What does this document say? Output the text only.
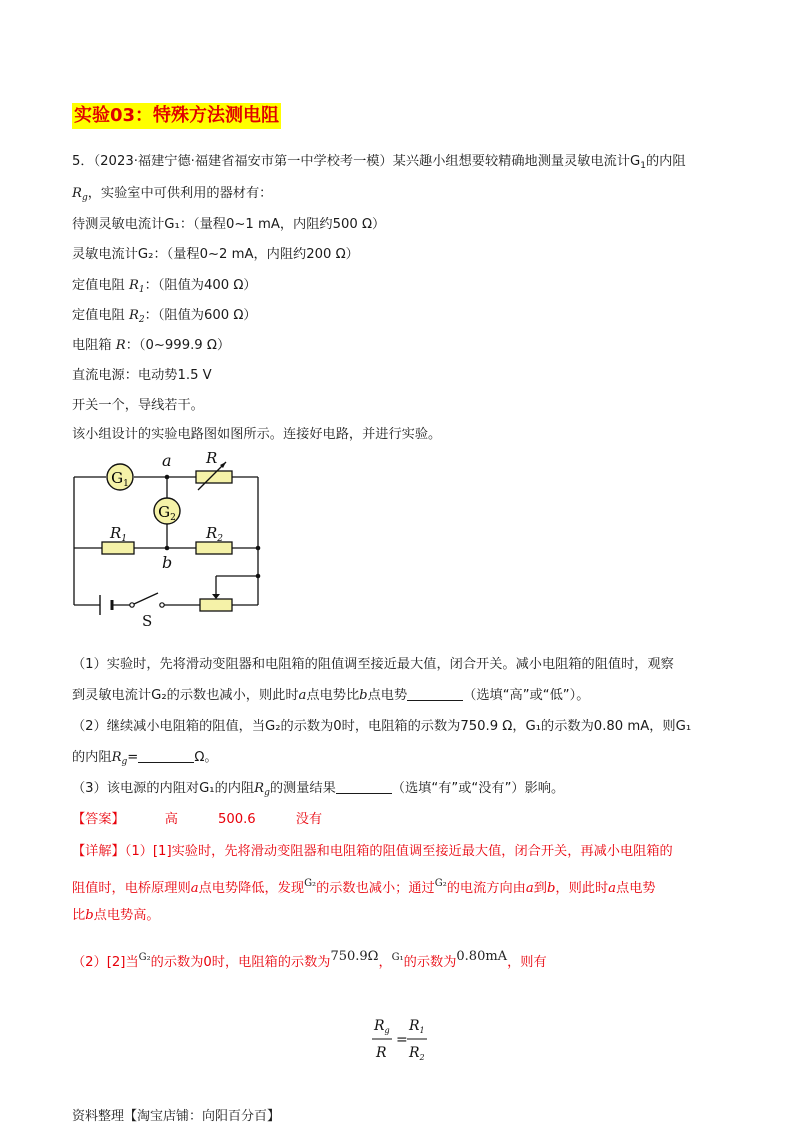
实验03：特殊方法测电阻

5．（2023·福建宁德·福建省福安市第一中学校考一模）某兴趣小组想要较精确地测量灵敏电流计$G_1$的内阻

$R_g$，实验室中可供利用的器材有：

待测灵敏电流计G₁：（量程0~1 mA，内阻约500 Ω）

灵敏电流计G₂：（量程0~2 mA，内阻约200 Ω）

定值电阻 $R_1$：（阻值为400 Ω）

定值电阻 $R_2$：（阻值为600 Ω）

电阻箱 R：（0~999.9 Ω）

直流电源：电动势1.5 V

开关一个，导线若干。

该小组设计的实验电路图如图所示。连接好电路，并进行实验。

$G_1$
$G_2$
a
b
R
$R_1$	$R_2$
S

（1）实验时，先将滑动变阻器和电阻箱的阻值调至接近最大值，闭合开关。减小电阻箱的阻值时，观察

到灵敏电流计G₂的示数也减小，则此时a点电势比b点电势	（选填“高”或“低”）。

（2）继续减小电阻箱的阻值，当G₂的示数为0时，电阻箱的示数为750.9 Ω，G₁的示数为0.80 mA，则G₁

的内阻$R_g=$	Ω。

（3）该电源的内阻对G₁的内阻$R_g$的测量结果	（选填“有”或“没有”）影响。

【答案】	高	500.6	没有

【详解】（1）[1]实验时，先将滑动变阻器和电阻箱的阻值调至接近最大值，闭合开关，再减小电阻箱的

阻值时，电桥原理则a点电势降低，发现$^{G_2}$的示数也减小；通过$^{G_2}$的电流方向由a到b，则此时a点电势

比b点电势高。

（2）[2]当$^{G_2}$的示数为0时，电阻箱的示数为750.9Ω，$^{G_1}$的示数为0.80mA，则有

$R_g$
R
$R_1$
$R_2$
=

资料整理【淘宝店铺：向阳百分百】
